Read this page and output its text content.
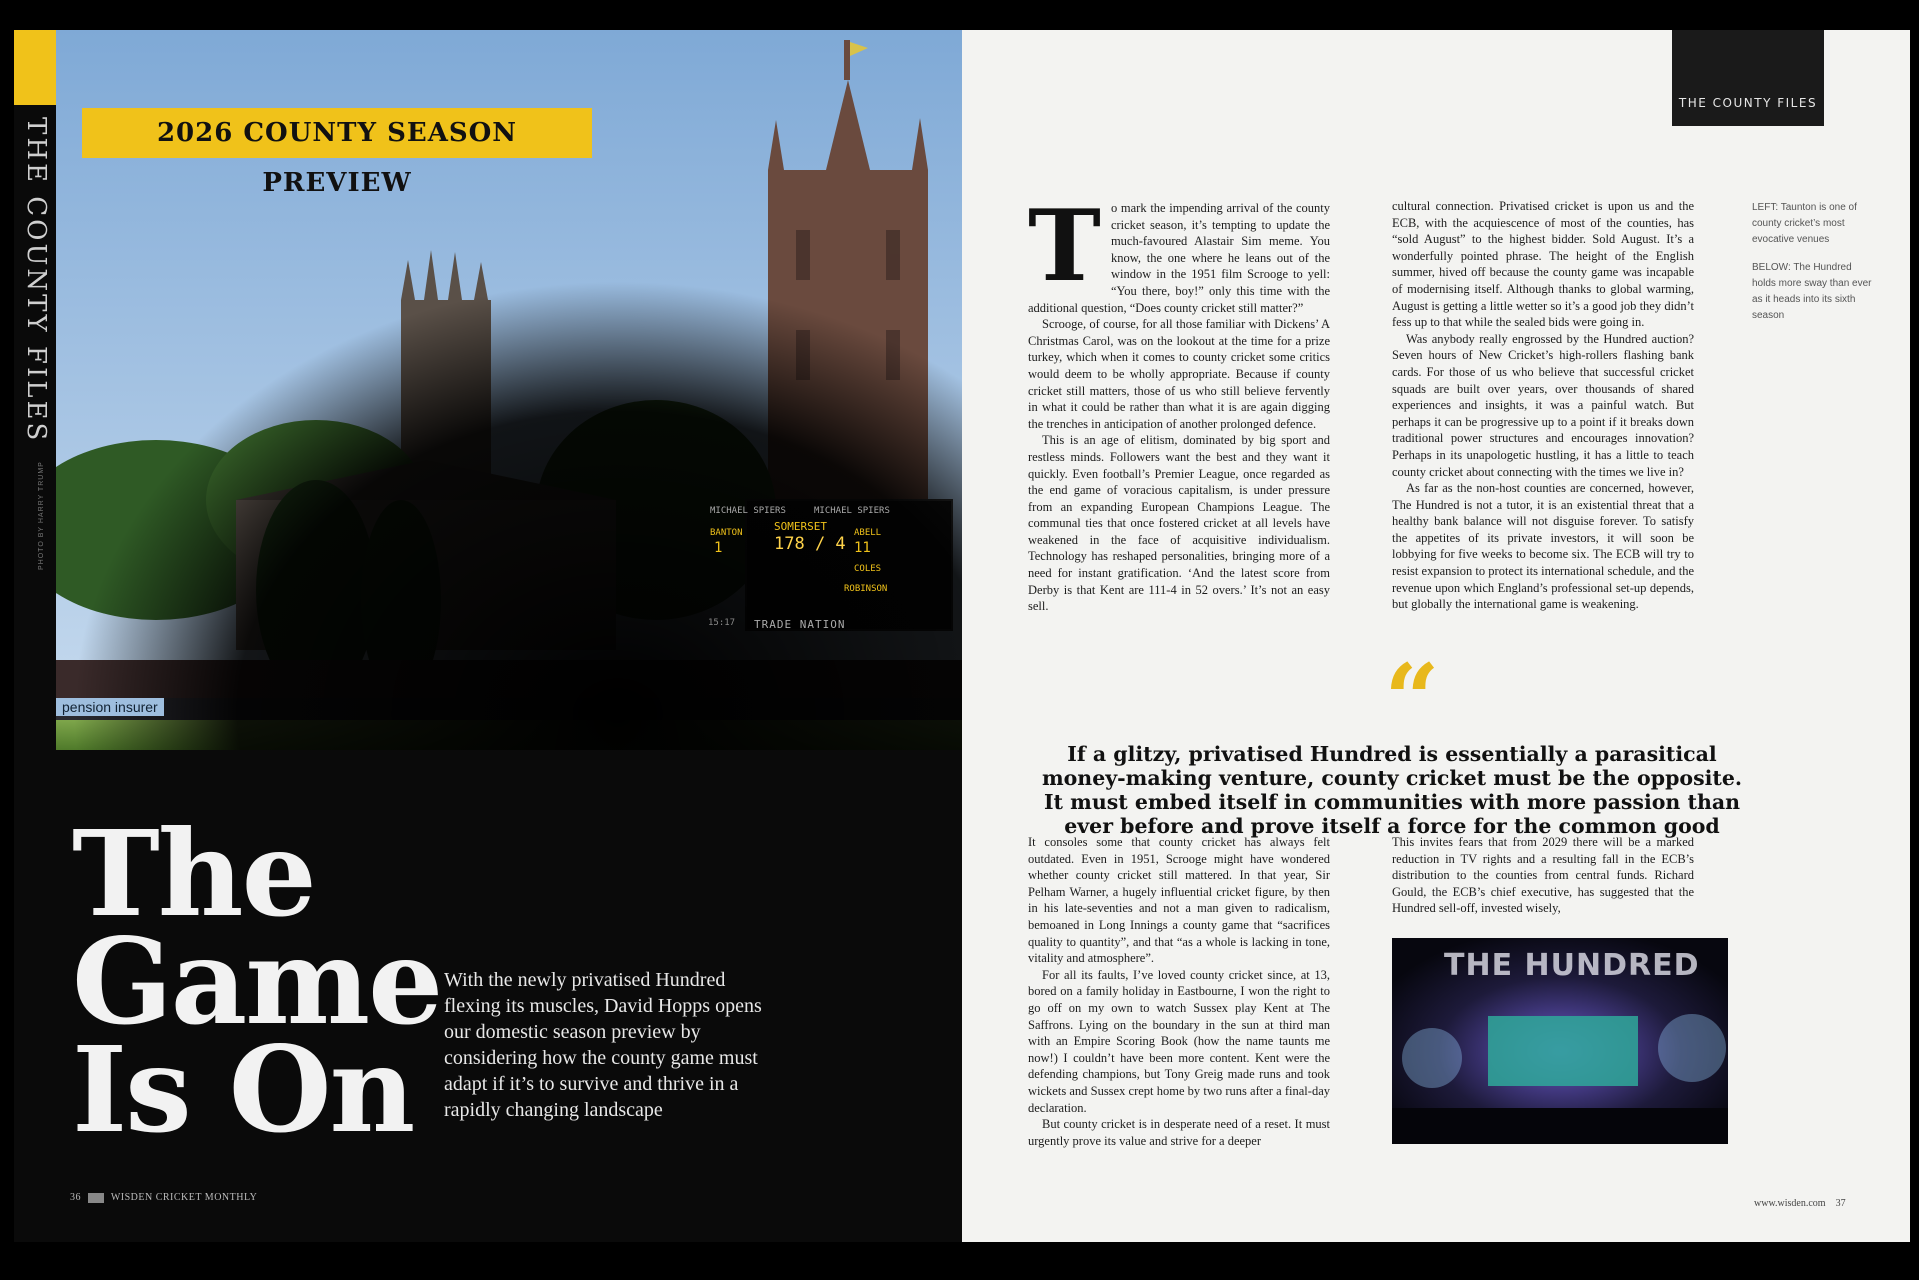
MICHAEL SPIERS	MICHAEL SPIERS
SOMERSET
178 / 4
BANTON
1
ABELL
11
COLES
ROBINSON
15:17 TRADE NATION
pension insurer
THE COUNTY FILES	2026 COUNTY SEASON PREVIEW
PHOTO BY HARRY TRUMP
The
Game
Is On
With the newly privatised Hundred flexing its muscles, David Hopps opens our domestic season preview by considering how the county game must adapt if it’s to survive and thrive in a rapidly changing landscape
36	WISDEN CRICKET MONTHLY
THE COUNTY FILES
T o mark the impending arrival of the county cricket season, it’s tempting to update the much-favoured Alastair Sim meme. You know, the one where he leans out of the window in the 1951 film Scrooge to yell: “You there, boy!” only this time with the additional question, “Does county cricket still matter?”

Scrooge, of course, for all those familiar with Dickens’ A Christmas Carol, was on the lookout at the time for a prize turkey, which when it comes to county cricket some critics would deem to be wholly appropriate. Because if county cricket still matters, those of us who still believe fervently in what it could be rather than what it is are again digging the trenches in anticipation of another prolonged defence.

This is an age of elitism, dominated by big sport and restless minds. Followers want the best and they want it quickly. Even football’s Premier League, once regarded as the end game of voracious capitalism, is under pressure from an expanding European Champions League. The communal ties that once fostered cricket at all levels have weakened in the face of acquisitive individualism. Technology has reshaped personalities, bringing more of a need for instant gratification. ‘And the latest score from Derby is that Kent are 111-4 in 52 overs.’ It’s not an easy sell.

cultural connection. Privatised cricket is upon us and the ECB, with the acquiescence of most of the counties, has “sold August” to the highest bidder. Sold August. It’s a wonderfully pointed phrase. The height of the English summer, hived off because the county game was incapable of modernising itself. Although thanks to global warming, August is getting a little wetter so it’s a good job they didn’t fess up to that while the sealed bids were going in.

Was anybody really engrossed by the Hundred auction? Seven hours of New Cricket’s high-rollers flashing bank cards. For those of us who believe that successful cricket squads are built over years, over thousands of shared experiences and insights, it was a painful watch. But perhaps it can be progressive up to a point if it breaks down traditional power structures and encourages innovation? Perhaps in its unapologetic hustling, it has a little to teach county cricket about connecting with the times we live in?

As far as the non-host counties are concerned, however, The Hundred is not a tutor, it is an existential threat that a healthy bank balance will not disguise forever. To satisfy the appetites of its private investors, it will soon be lobbying for five weeks to become six. The ECB will try to resist expansion to protect its international schedule, and the revenue upon which England’s professional set-up depends, but globally the international game is weakening.

LEFT: Taunton is one of county cricket’s most evocative venues

BELOW: The Hundred holds more sway than ever as it heads into its sixth season

“
If a glitzy, privatised Hundred is essentially a parasitical money-making venture, county cricket must be the opposite. It must embed itself in communities with more passion than ever before and prove itself a force for the common good

It consoles some that county cricket has always felt outdated. Even in 1951, Scrooge might have wondered whether county cricket still mattered. In that year, Sir Pelham Warner, a hugely influential cricket figure, by then in his late-seventies and not a man given to radicalism, bemoaned in Long Innings a county game that “sacrifices quality to quantity”, and that “as a whole is lacking in tone, vitality and atmosphere”.

For all its faults, I’ve loved county cricket since, at 13, bored on a family holiday in Eastbourne, I won the right to go off on my own to watch Sussex play Kent at The Saffrons. Lying on the boundary in the sun at third man with an Empire Scoring Book (how the name taunts me now!) I couldn’t have been more content. Kent were the defending champions, but Tony Greig made runs and took wickets and Sussex crept home by two runs after a final-day declaration.

But county cricket is in desperate need of a reset. It must urgently prove its value and strive for a deeper

This invites fears that from 2029 there will be a marked reduction in TV rights and a resulting fall in the ECB’s distribution to the counties from central funds. Richard Gould, the ECB’s chief executive, has suggested that the Hundred sell-off, invested wisely,

THE HUNDRED
www.wisden.com 37
